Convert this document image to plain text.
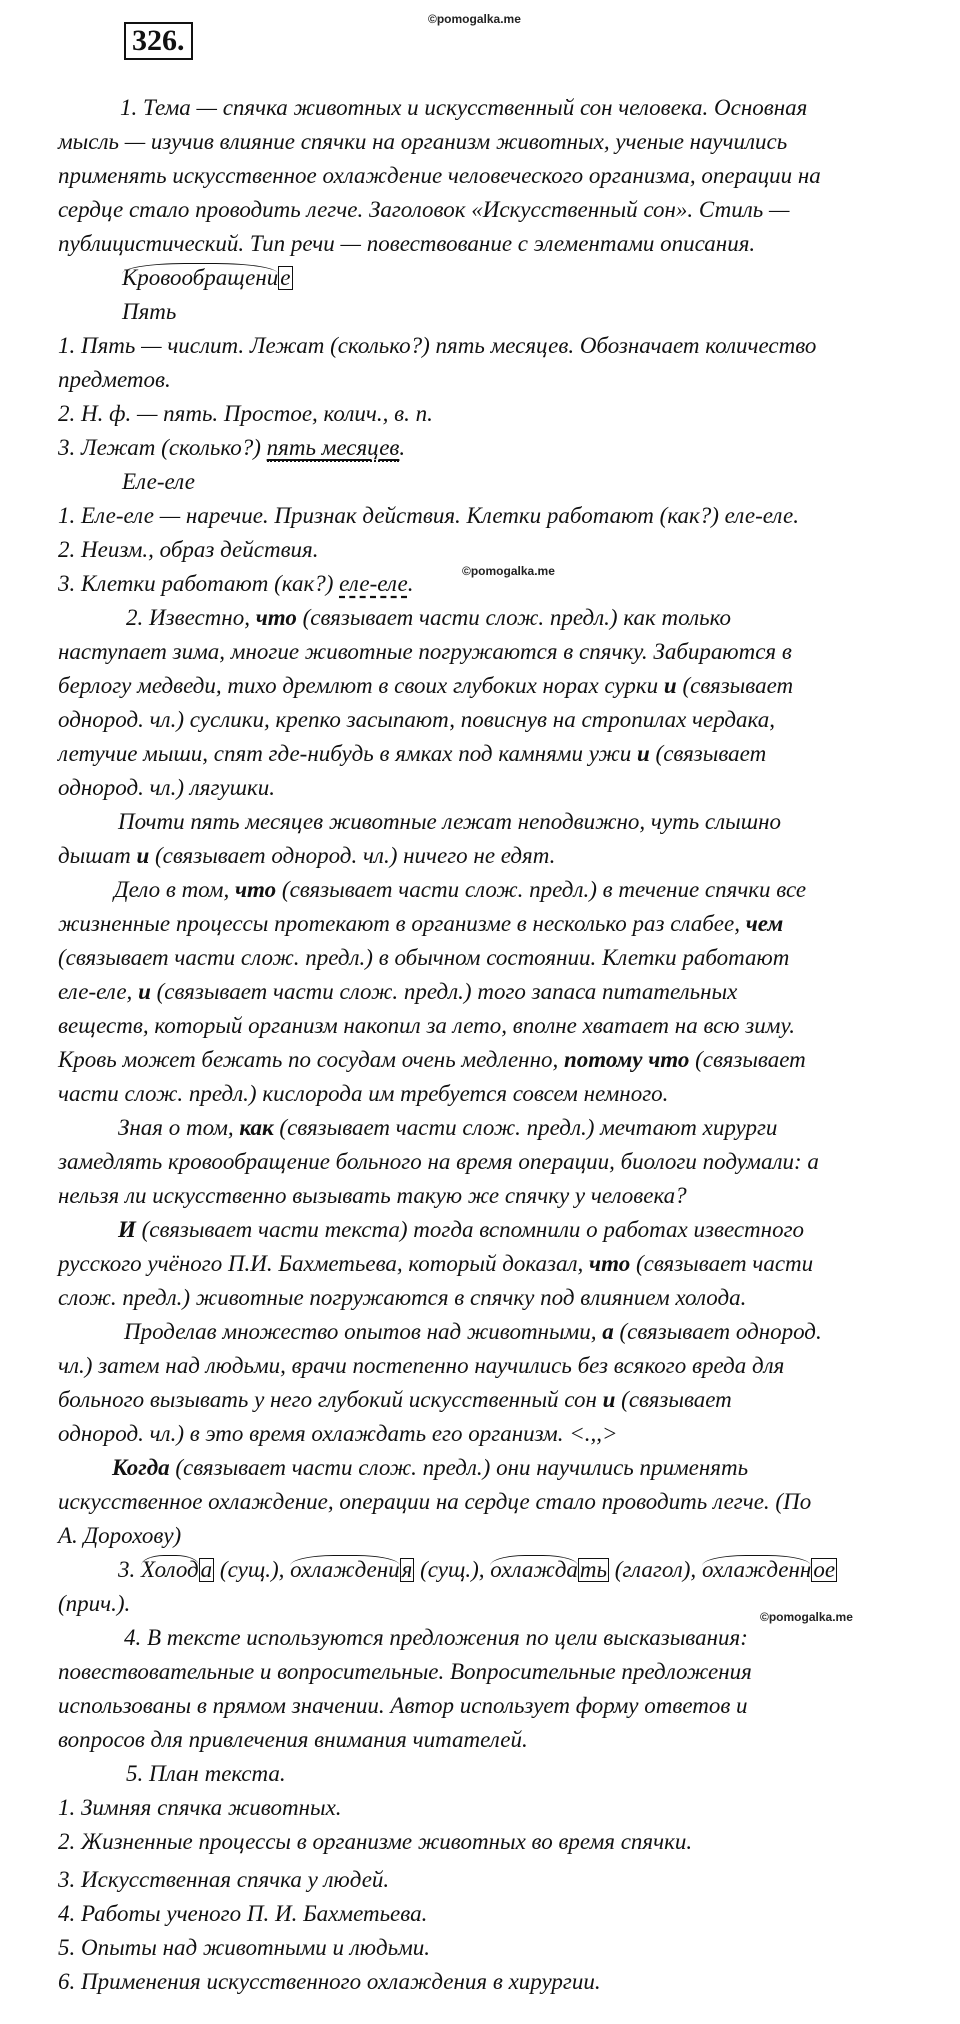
326.
©pomogalka.me
©pomogalka.me
©pomogalka.me
1. Тема — спячка животных и искусственный сон человека. Основная
мысль — изучив влияние спячки на организм животных, ученые научились
применять искусственное охлаждение человеческого организма, операции на
сердце стало проводить легче. Заголовок «Искусственный сон». Стиль —
публицистический. Тип речи — повествование с элементами описания.
Кровообращение
Пять
1. Пять — числит. Лежат (сколько?) пять месяцев. Обозначает количество
предметов.
2. Н. ф. — пять. Простое, колич., в. п.
3. Лежат (сколько?) пять месяцев.
Еле-еле
1. Еле-еле — наречие. Признак действия. Клетки работают (как?) еле-еле.
2. Неизм., образ действия.
3. Клетки работают (как?) еле-еле.
2. Известно, что (связывает части слож. предл.) как только
наступает зима, многие животные погружаются в спячку. Забираются в
берлогу медведи, тихо дремлют в своих глубоких норах сурки и (связывает
однород. чл.) суслики, крепко засыпают, повиснув на стропилах чердака,
летучие мыши, спят где-нибудь в ямках под камнями ужи и (связывает
однород. чл.) лягушки.
Почти пять месяцев животные лежат неподвижно, чуть слышно
дышат и (связывает однород. чл.) ничего не едят.
Дело в том, что (связывает части слож. предл.) в течение спячки все
жизненные процессы протекают в организме в несколько раз слабее, чем
(связывает части слож. предл.) в обычном состоянии. Клетки работают
еле-еле, и (связывает части слож. предл.) того запаса питательных
веществ, который организм накопил за лето, вполне хватает на всю зиму.
Кровь может бежать по сосудам очень медленно, потому что (связывает
части слож. предл.) кислорода им требуется совсем немного.
Зная о том, как (связывает части слож. предл.) мечтают хирурги
замедлять кровообращение больного на время операции, биологи подумали: а
нельзя ли искусственно вызывать такую же спячку у человека?
И (связывает части текста) тогда вспомнили о работах известного
русского учёного П.И. Бахметьева, который доказал, что (связывает части
слож. предл.) животные погружаются в спячку под влиянием холода.
Проделав множество опытов над животными, а (связывает однород.
чл.) затем над людьми, врачи постепенно научились без всякого вреда для
больного вызывать у него глубокий искусственный сон и (связывает
однород. чл.) в это время охлаждать его организм. <.,,>
Когда (связывает части слож. предл.) они научились применять
искусственное охлаждение, операции на сердце стало проводить легче. (По
А. Дорохову)
3. Холода (сущ.), охлаждения (сущ.), охлаждать (глагол), охлажденное
(прич.).
4. В тексте используются предложения по цели высказывания:
повествовательные и вопросительные. Вопросительные предложения
использованы в прямом значении. Автор использует форму ответов и
вопросов для привлечения внимания читателей.
5. План текста.
1. Зимняя спячка животных.
2. Жизненные процессы в организме животных во время спячки.
3. Искусственная спячка у людей.
4. Работы ученого П. И. Бахметьева.
5. Опыты над животными и людьми.
6. Применения искусственного охлаждения в хирургии.
